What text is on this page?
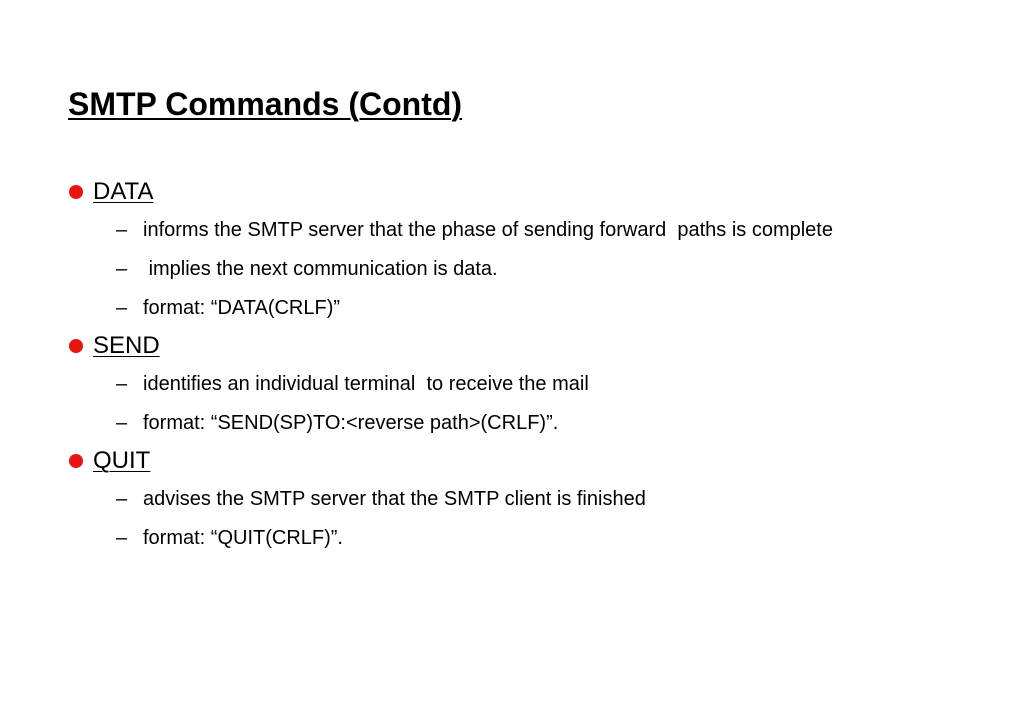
SMTP Commands (Contd)
DATA
– informs the SMTP server that the phase of sending forward  paths is complete
– implies the next communication is data.
– format: “DATA(CRLF)”
SEND
– identifies an individual terminal  to receive the mail
– format: “SEND(SP)TO:<reverse path>(CRLF)”.
QUIT
– advises the SMTP server that the SMTP client is finished
– format: “QUIT(CRLF)”.
